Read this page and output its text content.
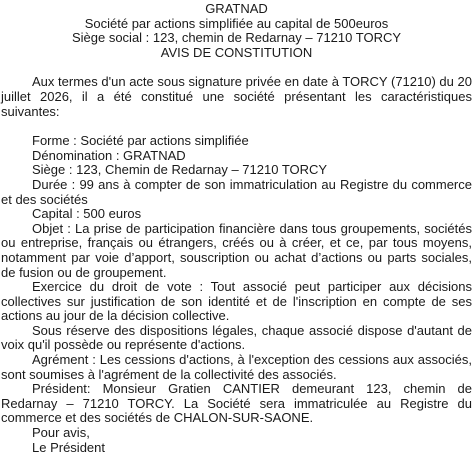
GRATNAD

Société par actions simplifiée au capital de 500euros

Siège social : 123, chemin de Redarnay – 71210 TORCY

AVIS DE CONSTITUTION

Aux termes d'un acte sous signature privée en date à TORCY (71210) du 20 juillet 2026, il a été constitué une société présentant les caractéristiques suivantes:

Forme : Société par actions simplifiée

Dénomination : GRATNAD

Siège : 123, Chemin de Redarnay – 71210 TORCY

Durée : 99 ans à compter de son immatriculation au Registre du commerce et des sociétés

Capital : 500 euros

Objet : La prise de participation financière dans tous groupements, sociétés ou entreprise, français ou étrangers, créés ou à créer, et ce, par tous moyens, notamment par voie d’apport, souscription ou achat d’actions ou parts sociales, de fusion ou de groupement.

Exercice du droit de vote : Tout associé peut participer aux décisions collectives sur justification de son identité et de l'inscription en compte de ses actions au jour de la décision collective.

Sous réserve des dispositions légales, chaque associé dispose d'autant de voix qu'il possède ou représente d'actions.

Agrément : Les cessions d'actions, à l'exception des cessions aux associés, sont soumises à l'agrément de la collectivité des associés.

Président: Monsieur Gratien CANTIER demeurant 123, chemin de Redarnay – 71210 TORCY. La Société sera immatriculée au Registre du commerce et des sociétés de CHALON-SUR-SAONE.

Pour avis,

Le Président
